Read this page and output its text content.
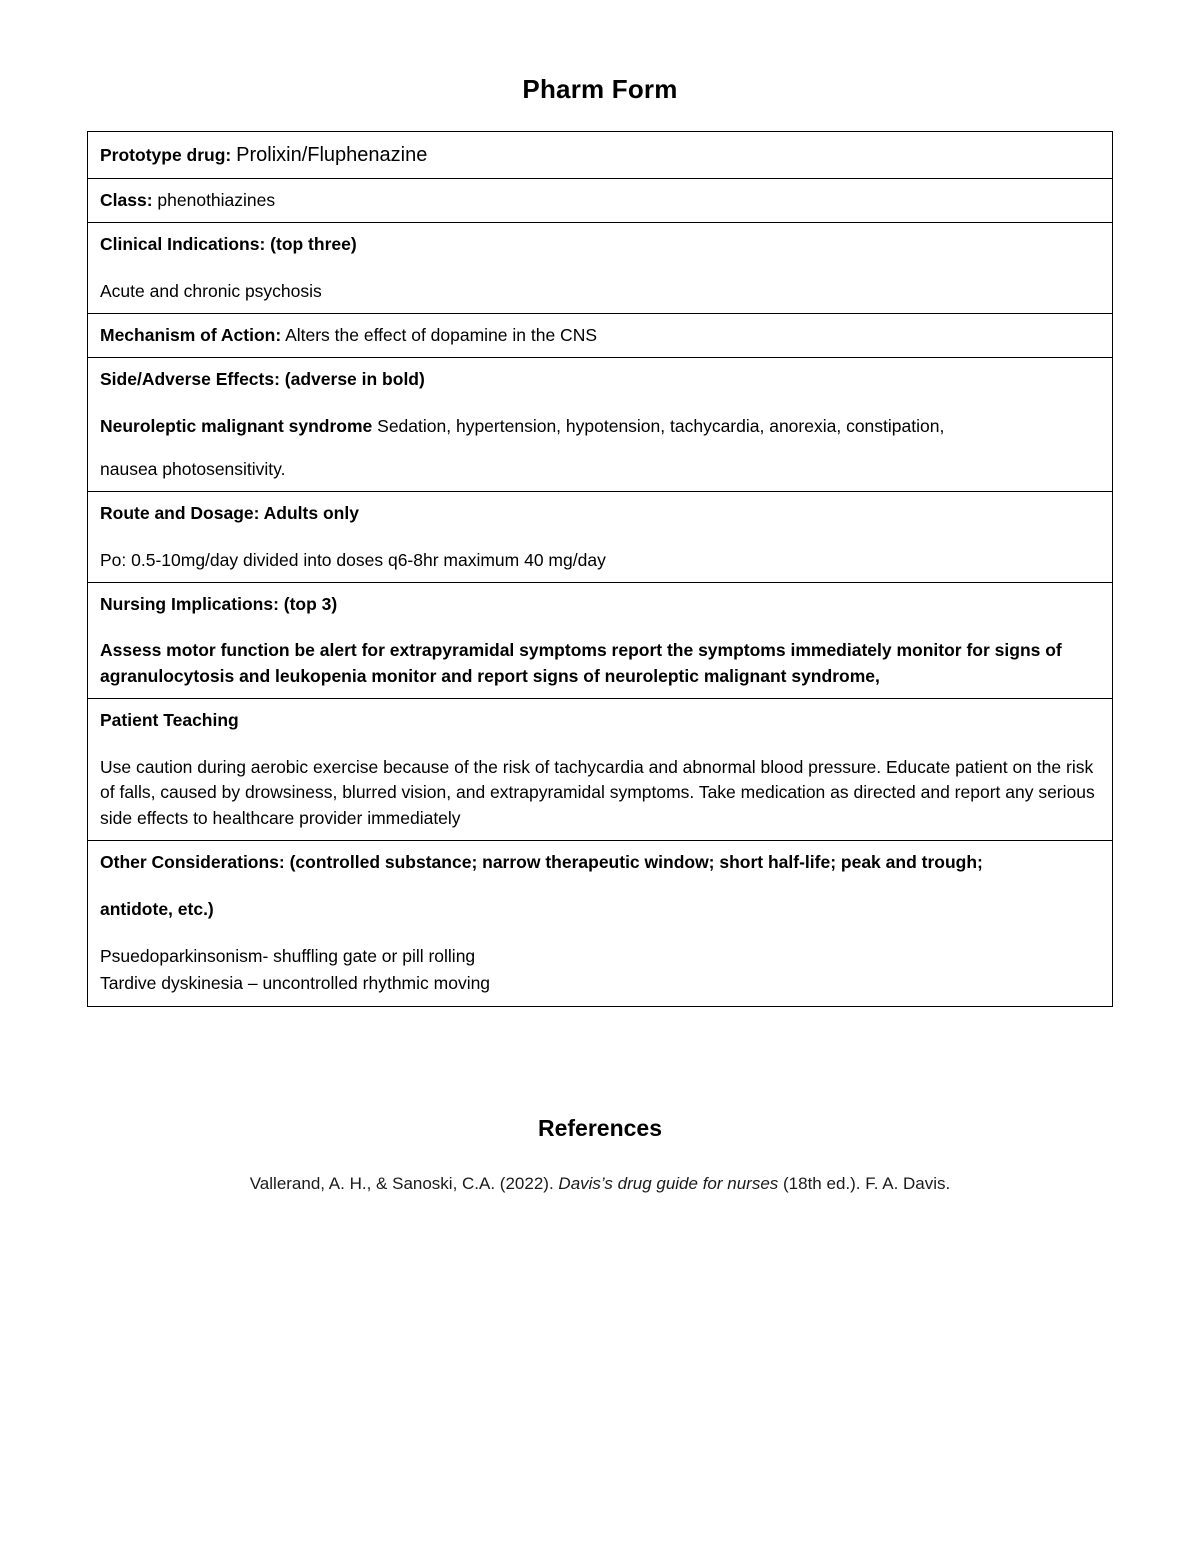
Pharm Form
Prototype drug: Prolixin/Fluphenazine
Class: phenothiazines

Clinical Indications: (top three)
Acute and chronic psychosis

Mechanism of Action: Alters the effect of dopamine in the CNS

Side/Adverse Effects: (adverse in bold)
Neuroleptic malignant syndrome Sedation, hypertension, hypotension, tachycardia, anorexia, constipation,
nausea photosensitivity.

Route and Dosage: Adults only
Po: 0.5-10mg/day divided into doses q6-8hr maximum 40 mg/day

Nursing Implications: (top 3)
Assess motor function be alert for extrapyramidal symptoms report the symptoms immediately monitor for signs of agranulocytosis and leukopenia monitor and report signs of neuroleptic malignant syndrome,

Patient Teaching
Use caution during aerobic exercise because of the risk of tachycardia and abnormal blood pressure. Educate patient on the risk of falls, caused by drowsiness, blurred vision, and extrapyramidal symptoms. Take medication as directed and report any serious side effects to healthcare provider immediately

Other Considerations: (controlled substance; narrow therapeutic window; short half-life; peak and trough;
antidote, etc.)
Psuedoparkinsonism- shuffling gate or pill rolling
Tardive dyskinesia – uncontrolled rhythmic moving
References
Vallerand, A. H., & Sanoski, C.A. (2022). Davis’s drug guide for nurses (18th ed.). F. A. Davis.
